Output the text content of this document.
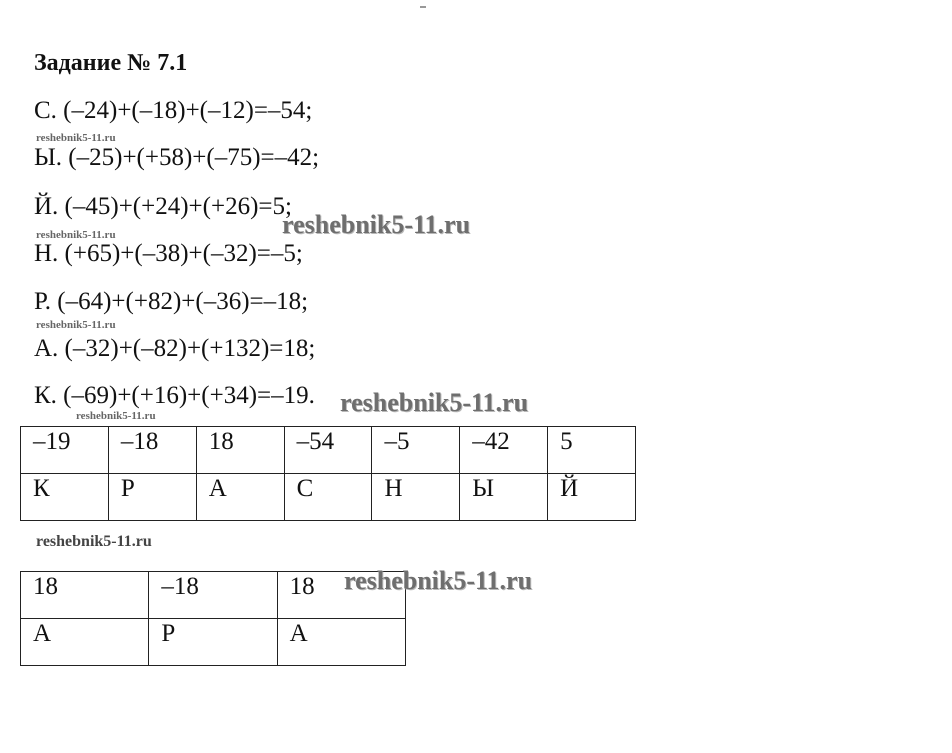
Задание № 7.1
С. (–24)+(–18)+(–12)=–54;
reshebnik5-11.ru
Ы. (–25)+(+58)+(–75)=–42;
Й. (–45)+(+24)+(+26)=5;
reshebnik5-11.ru
reshebnik5-11.ru
Н. (+65)+(–38)+(–32)=–5;
Р. (–64)+(+82)+(–36)=–18;
reshebnik5-11.ru
А. (–32)+(–82)+(+132)=18;
К. (–69)+(+16)+(+34)=–19. reshebnik5-11.ru
reshebnik5-11.ru
–19	–18	18	–54	–5	–42	5
К	Р	А	С	Н	Ы	Й
reshebnik5-11.ru
18	–18	18
А	Р	А
reshebnik5-11.ru
